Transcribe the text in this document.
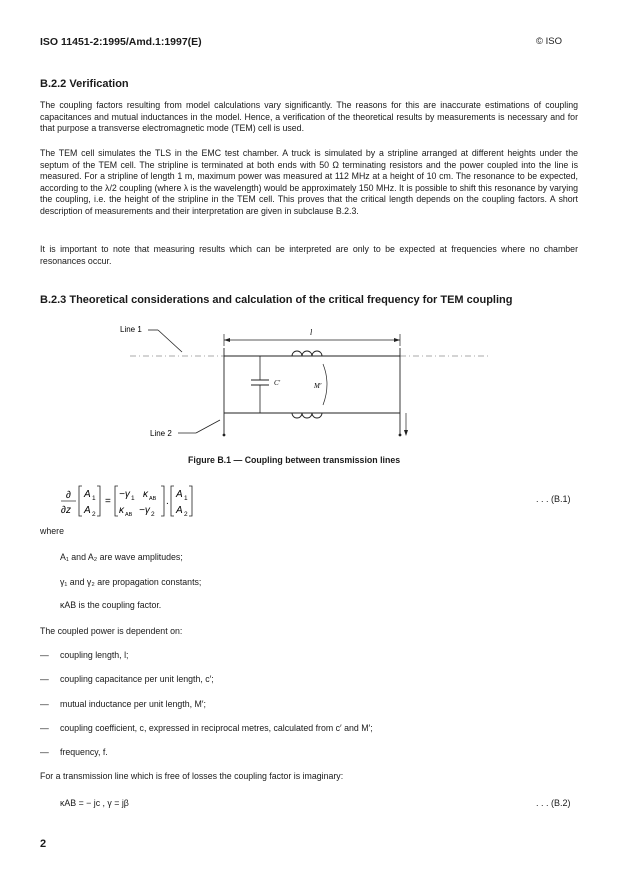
ISO 11451-2:1995/Amd.1:1997(E)	© ISO
B.2.2 Verification
The coupling factors resulting from model calculations vary significantly. The reasons for this are inaccurate estimations of coupling capacitances and mutual inductances in the model. Hence, a verification of the theoretical results by measurements is necessary and for that purpose a transverse electromagnetic mode (TEM) cell is used.
The TEM cell simulates the TLS in the EMC test chamber. A truck is simulated by a stripline arranged at different heights under the septum of the TEM cell. The stripline is terminated at both ends with 50 Ω terminating resistors and the power coupled into the line is measured. For a stripline of length 1 m, maximum power was measured at 112 MHz at a height of 10 cm. The resonance to be expected, according to the λ/2 coupling (where λ is the wavelength) would be approximately 150 MHz. It is possible to shift this resonance by varying the coupling, i.e. the height of the stripline in the TEM cell. This proves that the critical length depends on the coupling factors. A short description of measurements and their interpretation are given in subclause B.2.3.
It is important to note that measuring results which can be interpreted are only to be expected at frequencies where no chamber resonances occur.
B.2.3 Theoretical considerations and calculation of the critical frequency for TEM coupling
Line 1	l
C′	M′
Line 2
Figure B.1 — Coupling between transmission lines
∂
∂z
A 1
A 2
=
−γ 1 κ AB
κ AB −γ 2
.
A 1
A 2
. . . (B.1)
where
A₁ and A₂ are wave amplitudes;
γ₁ and γ₂ are propagation constants;
κAB is the coupling factor.
The coupled power is dependent on:
— coupling length, l;
— coupling capacitance per unit length, c′;
— mutual inductance per unit length, M′;
— coupling coefficient, c, expressed in reciprocal metres, calculated from c′ and M′;
— frequency, f.
For a transmission line which is free of losses the coupling factor is imaginary:
κAB = − jc , γ = jβ	. . . (B.2)
2
